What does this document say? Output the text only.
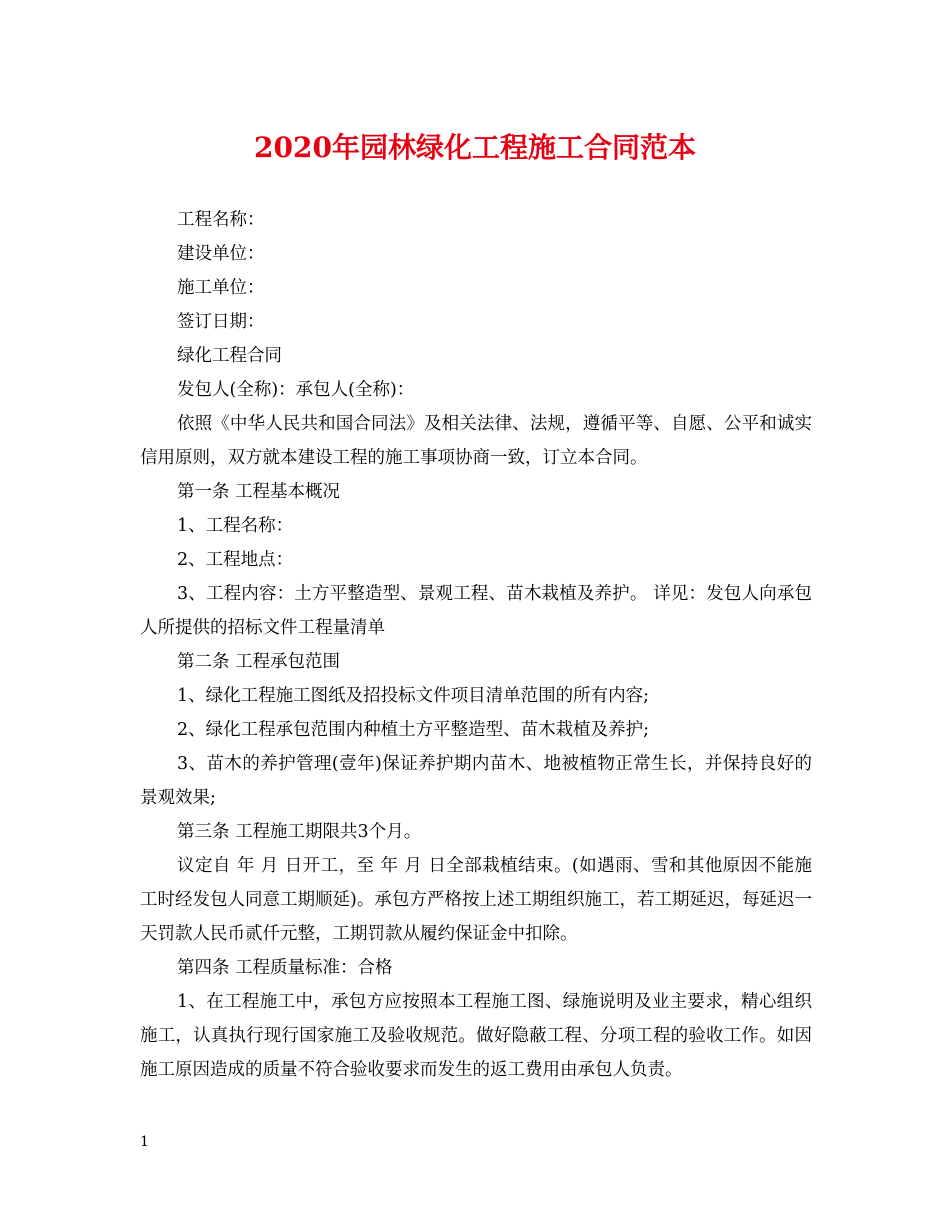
2020年园林绿化工程施工合同范本

工程名称：

建设单位：

施工单位：

签订日期：

绿化工程合同

发包人(全称)：承包人(全称)：

依照《中华人民共和国合同法》及相关法律、法规，遵循平等、自愿、公平和诚实信用原则，双方就本建设工程的施工事项协商一致，订立本合同。

第一条 工程基本概况

1、工程名称：

2、工程地点：

3、工程内容：土方平整造型、景观工程、苗木栽植及养护。 详见：发包人向承包人所提供的招标文件工程量清单

第二条 工程承包范围

1、绿化工程施工图纸及招投标文件项目清单范围的所有内容;

2、绿化工程承包范围内种植土方平整造型、苗木栽植及养护;

3、苗木的养护管理(壹年)保证养护期内苗木、地被植物正常生长，并保持良好的景观效果;

第三条 工程施工期限共3个月。

议定自 年 月 日开工，至 年 月 日全部栽植结束。(如遇雨、雪和其他原因不能施工时经发包人同意工期顺延)。承包方严格按上述工期组织施工，若工期延迟，每延迟一天罚款人民币贰仟元整，工期罚款从履约保证金中扣除。

第四条 工程质量标准：合格

1、在工程施工中，承包方应按照本工程施工图、绿施说明及业主要求，精心组织施工，认真执行现行国家施工及验收规范。做好隐蔽工程、分项工程的验收工作。如因施工原因造成的质量不符合验收要求而发生的返工费用由承包人负责。

1
